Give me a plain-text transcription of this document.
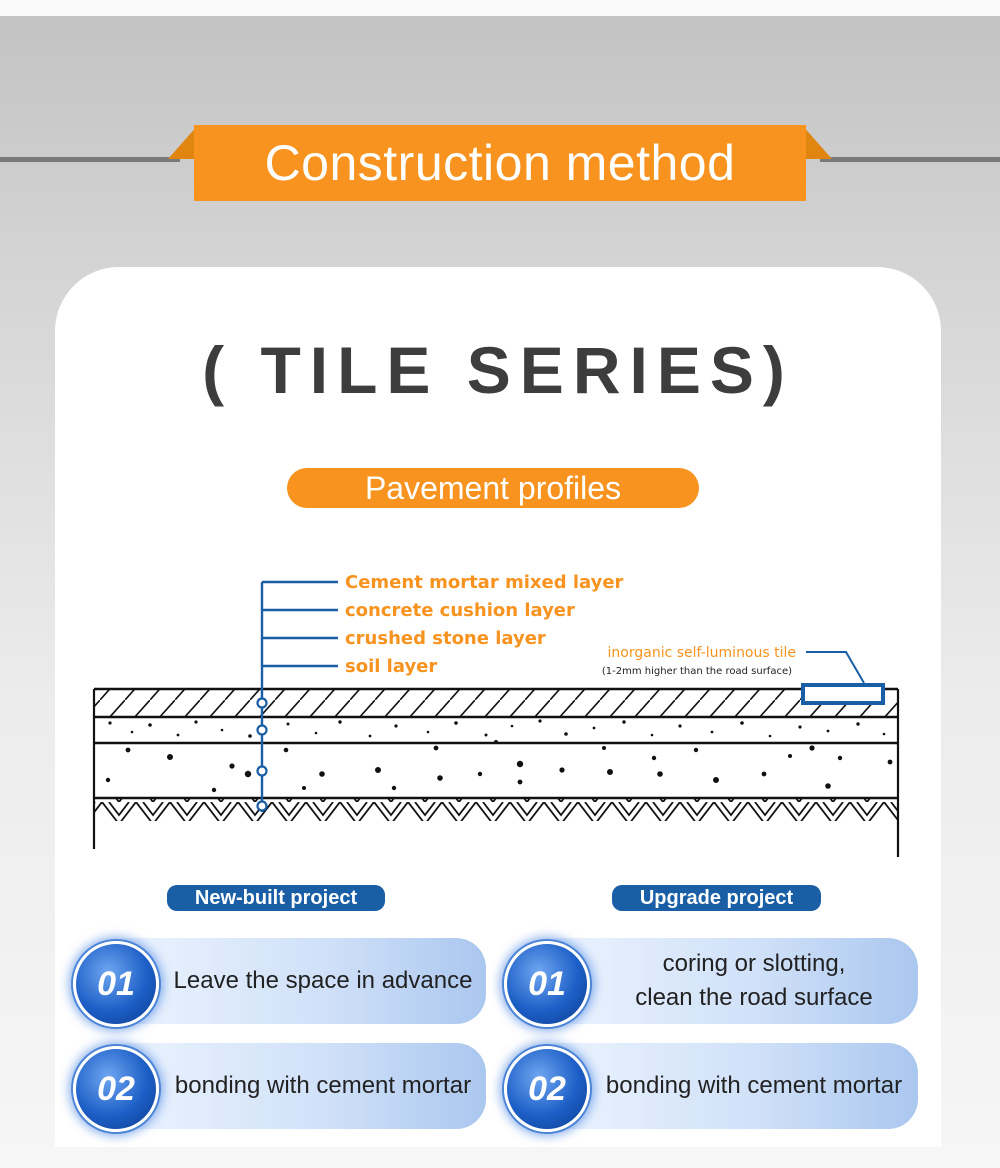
Construction method
( TILE SERIES)
Pavement profiles
Cement mortar mixed layer
concrete cushion layer
crushed stone layer
soil layer
inorganic self-luminous tile
(1-2mm higher than the road surface)
New-built project	Upgrade project
Leave the space in advance
01
bonding with cement mortar
02
coring or slotting,
clean the road surface
01
bonding with cement mortar
02
